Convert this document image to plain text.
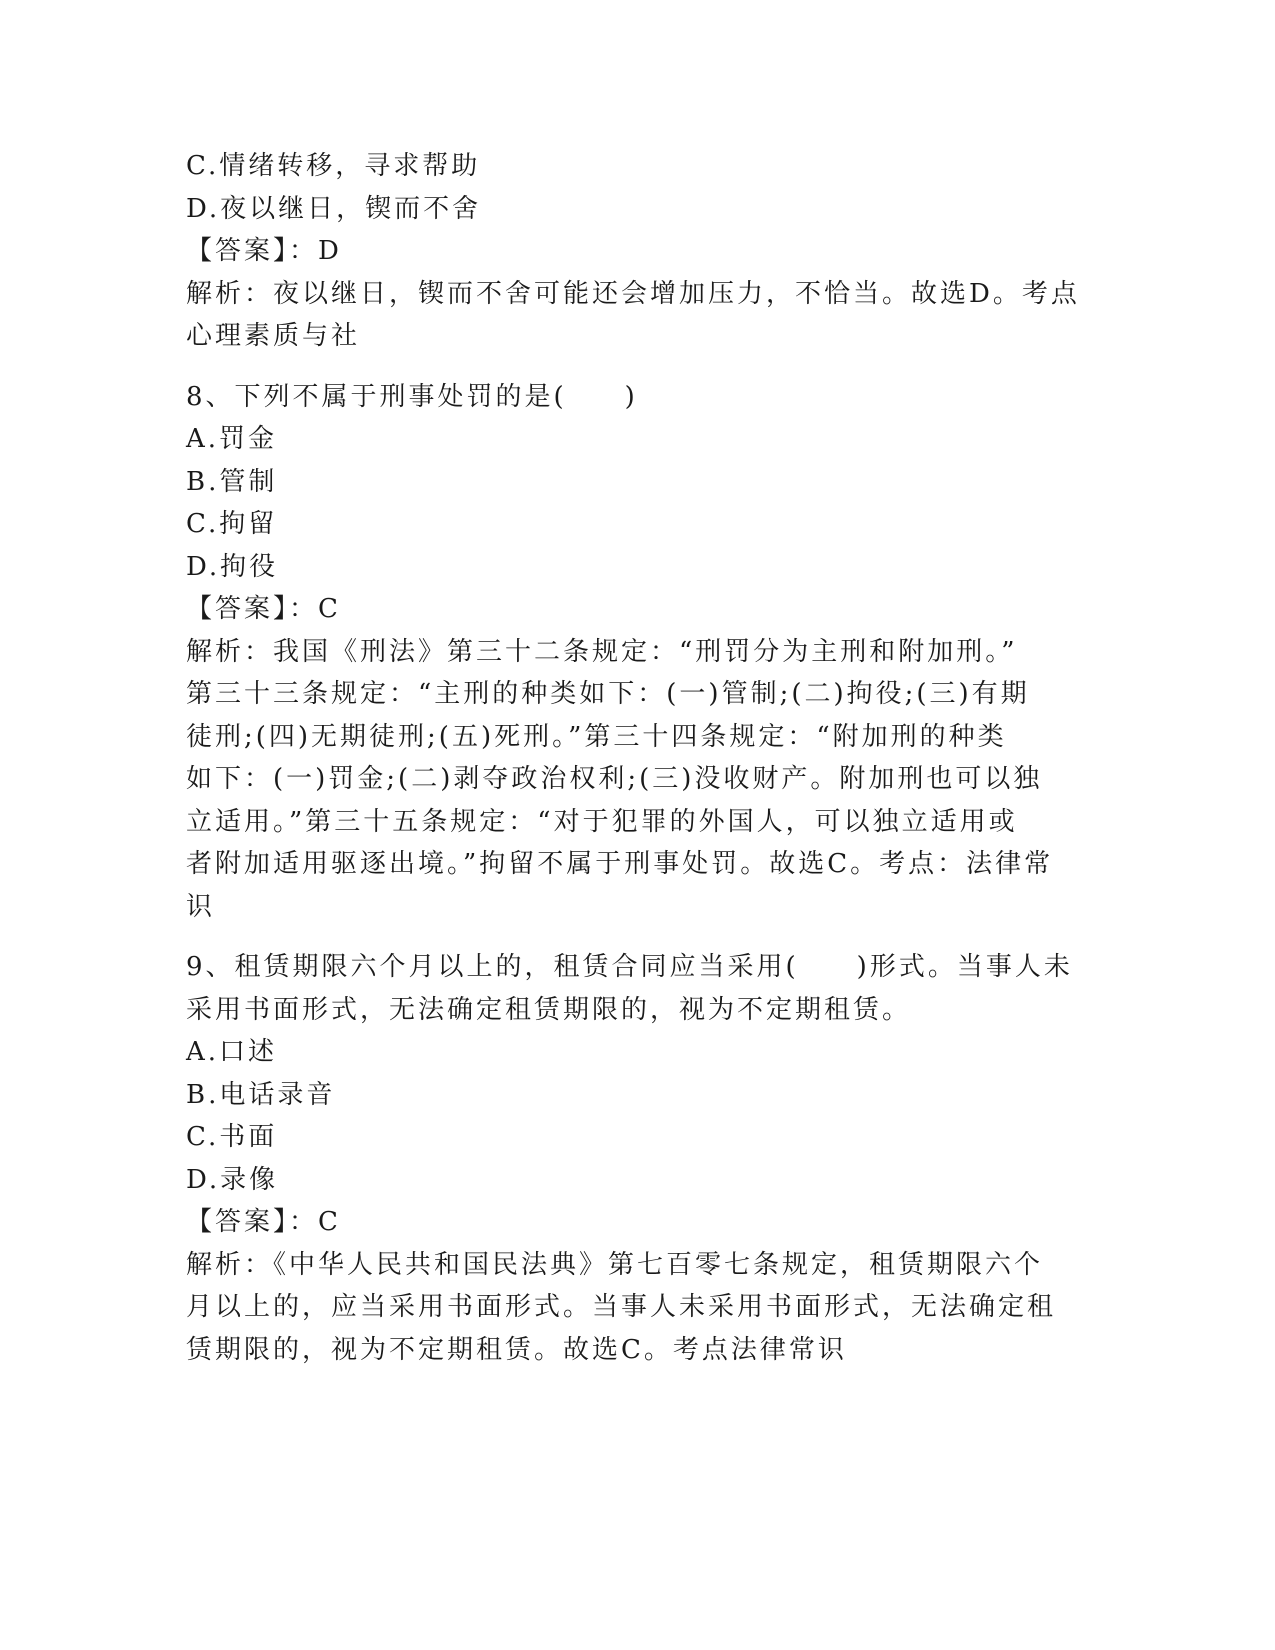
C.情绪转移，寻求帮助
D.夜以继日，锲而不舍
【答案】：D
解析：夜以继日，锲而不舍可能还会增加压力，不恰当。故选D。考点
心理素质与社
8、下列不属于刑事处罚的是(　　)
A.罚金
B.管制
C.拘留
D.拘役
【答案】：C
解析：我国《刑法》第三十二条规定：“刑罚分为主刑和附加刑。”
第三十三条规定：“主刑的种类如下：(一)管制;(二)拘役;(三)有期
徒刑;(四)无期徒刑;(五)死刑。”第三十四条规定：“附加刑的种类
如下：(一)罚金;(二)剥夺政治权利;(三)没收财产。附加刑也可以独
立适用。”第三十五条规定：“对于犯罪的外国人，可以独立适用或
者附加适用驱逐出境。”拘留不属于刑事处罚。故选C。考点：法律常
识
9、租赁期限六个月以上的，租赁合同应当采用(　　)形式。当事人未
采用书面形式，无法确定租赁期限的，视为不定期租赁。
A.口述
B.电话录音
C.书面
D.录像
【答案】：C
解析：《中华人民共和国民法典》第七百零七条规定，租赁期限六个
月以上的，应当采用书面形式。当事人未采用书面形式，无法确定租
赁期限的，视为不定期租赁。故选C。考点法律常识
